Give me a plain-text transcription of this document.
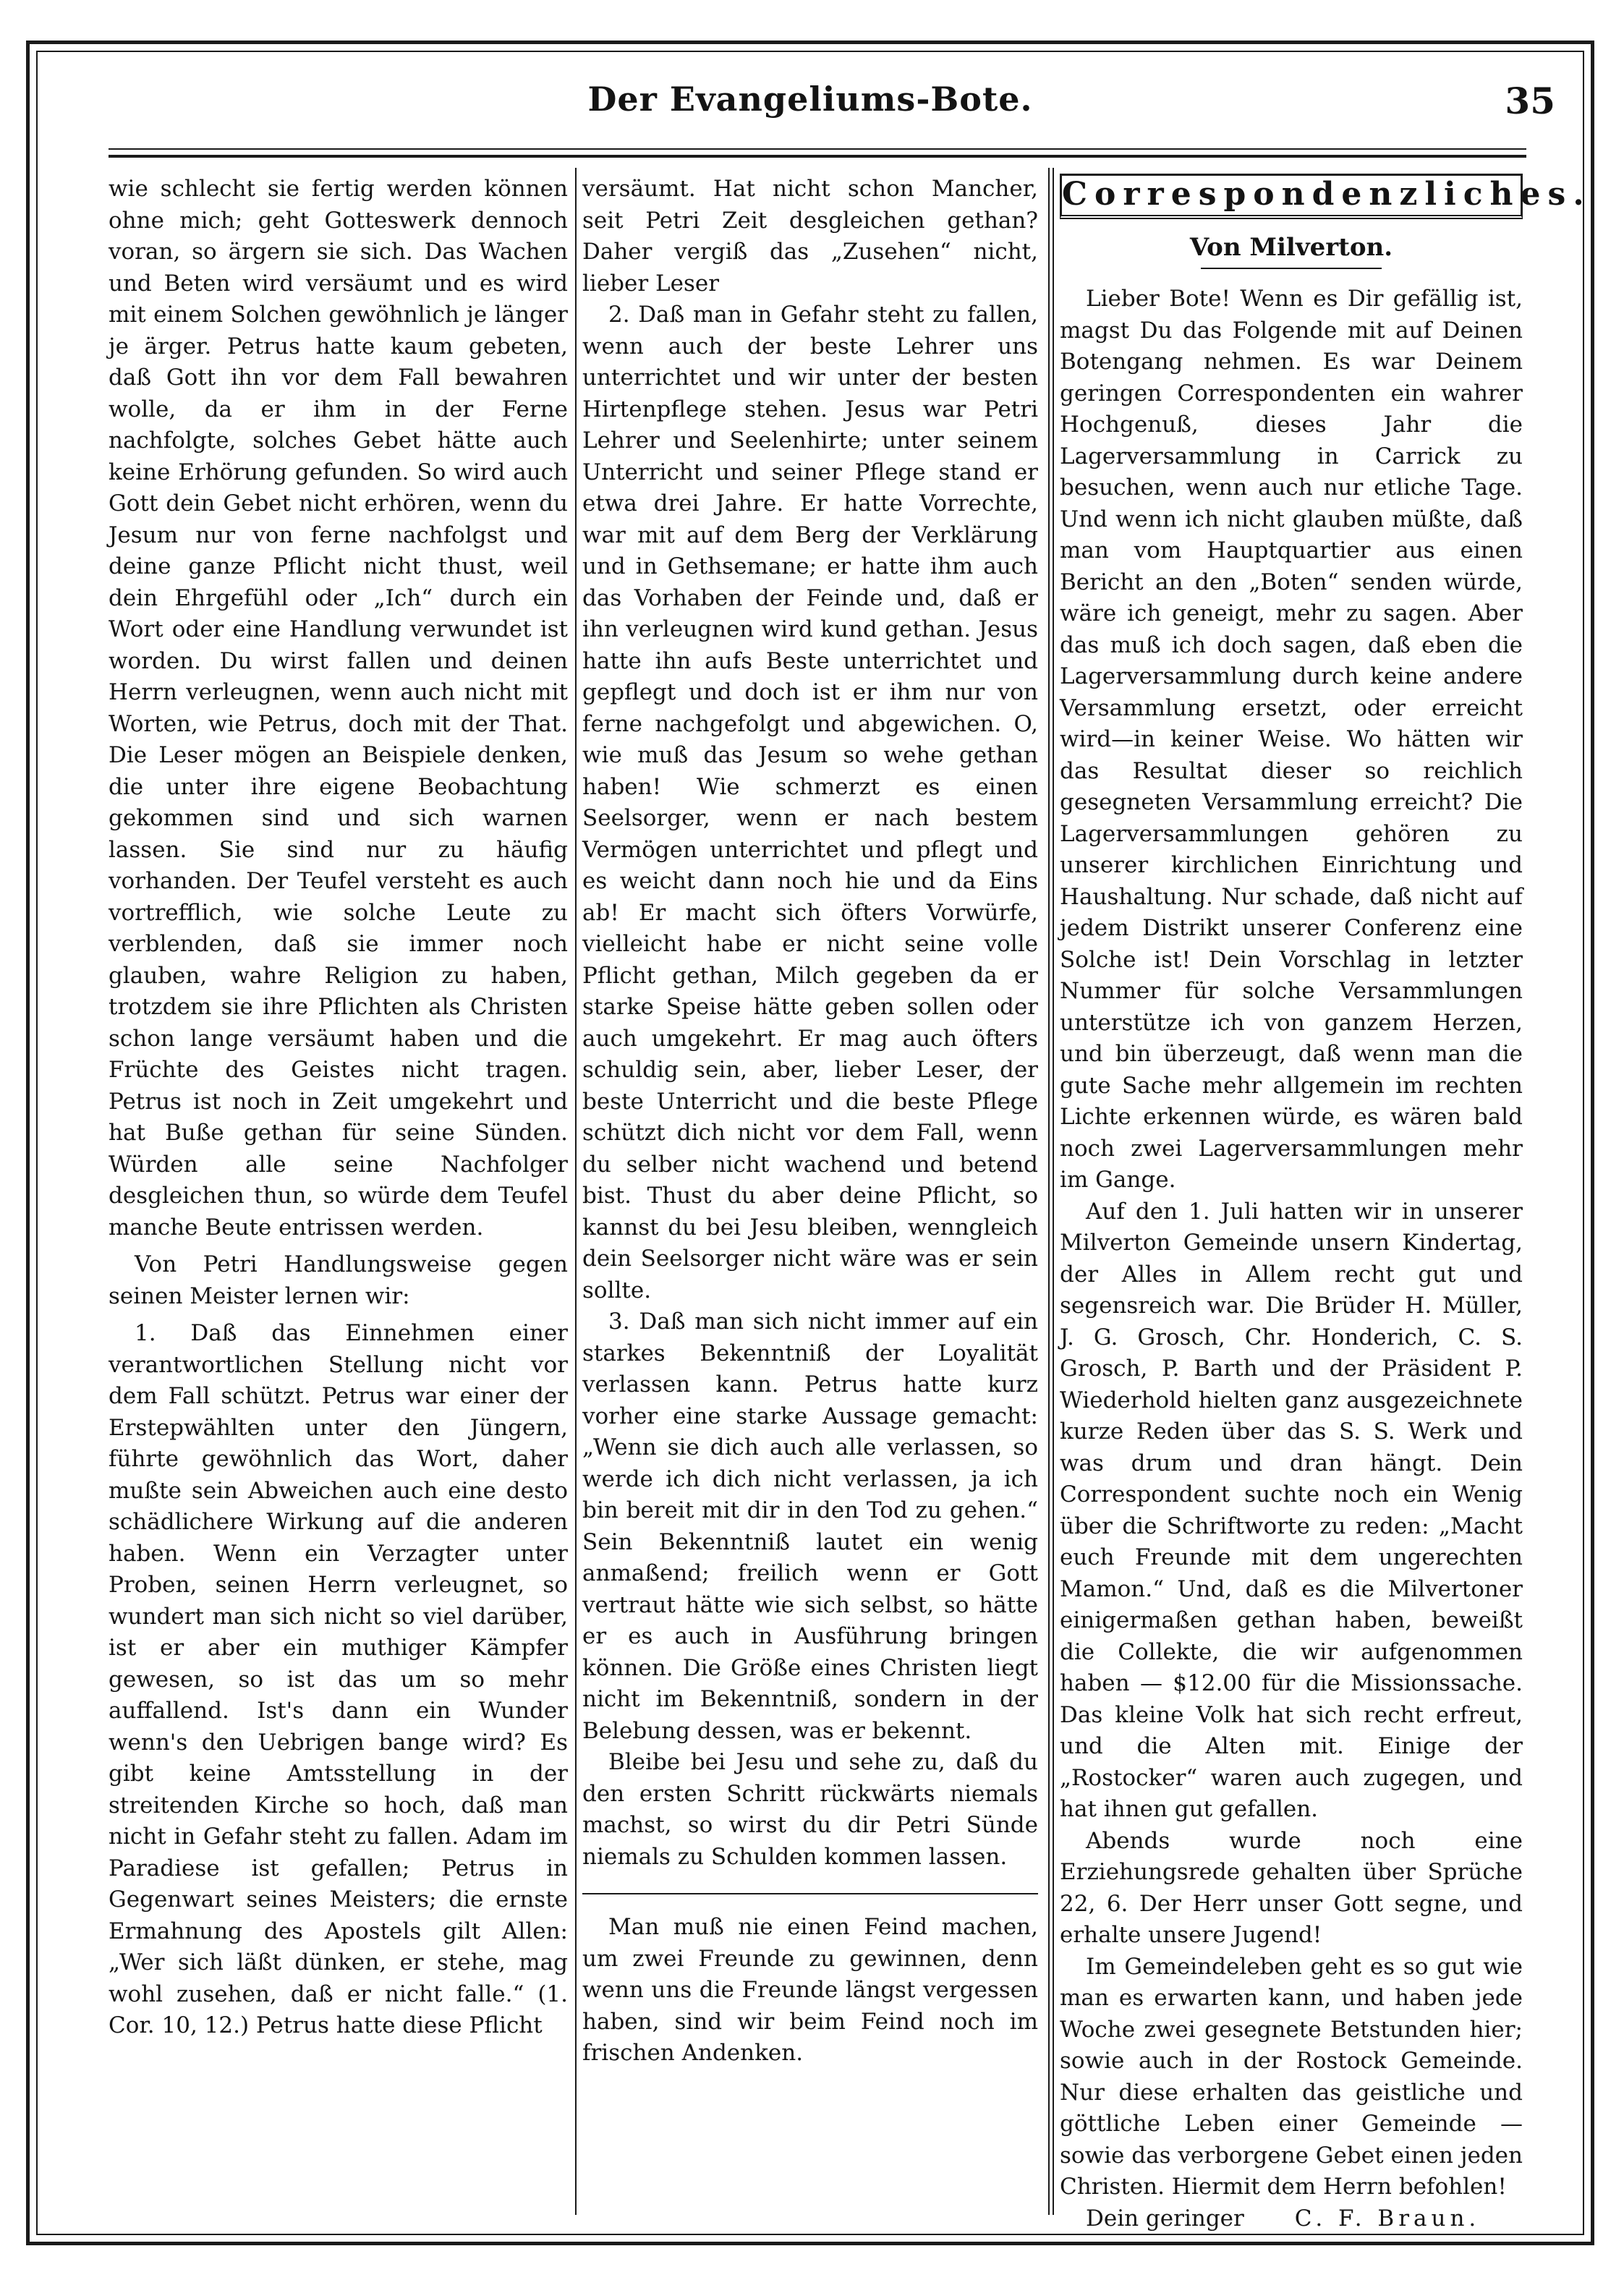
Der Evangeliums-Bote.	35

wie schlecht sie fertig werden können ohne mich; geht Gotteswerk dennoch voran, so ärgern sie sich. Das Wachen und Beten wird versäumt und es wird mit einem Solchen gewöhnlich je länger je ärger. Petrus hatte kaum gebeten, daß Gott ihn vor dem Fall bewahren wolle, da er ihm in der Ferne nachfolgte, solches Gebet hätte auch keine Erhörung gefunden. So wird auch Gott dein Gebet nicht erhören, wenn du Jesum nur von ferne nachfolgst und deine ganze Pflicht nicht thust, weil dein Ehrgefühl oder „Ich“ durch ein Wort oder eine Handlung verwundet ist worden. Du wirst fallen und deinen Herrn verleugnen, wenn auch nicht mit Worten, wie Petrus, doch mit der That. Die Leser mögen an Beispiele denken, die unter ihre eigene Beobachtung gekommen sind und sich warnen lassen. Sie sind nur zu häufig vorhanden. Der Teufel versteht es auch vortrefflich, wie solche Leute zu verblenden, daß sie immer noch glauben, wahre Religion zu haben, trotzdem sie ihre Pflichten als Christen schon lange versäumt haben und die Früchte des Geistes nicht tragen. Petrus ist noch in Zeit umgekehrt und hat Buße gethan für seine Sünden. Würden alle seine Nachfolger desgleichen thun, so würde dem Teufel manche Beute entrissen werden.

Von Petri Handlungsweise gegen seinen Meister lernen wir:

1. Daß das Einnehmen einer verantwortlichen Stellung nicht vor dem Fall schützt. Petrus war einer der Erstерwählten unter den Jüngern, führte gewöhnlich das Wort, daher mußte sein Abweichen auch eine desto schädlichere Wirkung auf die anderen haben. Wenn ein Verzagter unter Proben, seinen Herrn verleugnet, so wundert man sich nicht so viel darüber, ist er aber ein muthiger Kämpfer gewesen, so ist das um so mehr auffallend. Ist's dann ein Wunder wenn's den Uebrigen bange wird? Es gibt keine Amtsstellung in der streitenden Kirche so hoch, daß man nicht in Gefahr steht zu fallen. Adam im Paradiese ist gefallen; Petrus in Gegenwart seines Meisters; die ernste Ermahnung des Apostels gilt Allen: „Wer sich läßt dünken, er stehe, mag wohl zusehen, daß er nicht falle.“ (1. Cor. 10, 12.) Petrus hatte diese Pflicht

versäumt. Hat nicht schon Mancher, seit Petri Zeit desgleichen gethan? Daher vergiß das „Zusehen“ nicht, lieber Leser

2. Daß man in Gefahr steht zu fallen, wenn auch der beste Lehrer uns unterrichtet und wir unter der besten Hirtenpflege stehen. Jesus war Petri Lehrer und Seelenhirte; unter seinem Unterricht und seiner Pflege stand er etwa drei Jahre. Er hatte Vorrechte, war mit auf dem Berg der Verklärung und in Gethsemane; er hatte ihm auch das Vorhaben der Feinde und, daß er ihn verleugnen wird kund gethan. Jesus hatte ihn aufs Beste unterrichtet und gepflegt und doch ist er ihm nur von ferne nachgefolgt und abgewichen. O, wie muß das Jesum so wehe gethan haben! Wie schmerzt es einen Seelsorger, wenn er nach bestem Vermögen unterrichtet und pflegt und es weicht dann noch hie und da Eins ab! Er macht sich öfters Vorwürfe, vielleicht habe er nicht seine volle Pflicht gethan, Milch gegeben da er starke Speise hätte geben sollen oder auch umgekehrt. Er mag auch öfters schuldig sein, aber, lieber Leser, der beste Unterricht und die beste Pflege schützt dich nicht vor dem Fall, wenn du selber nicht wachend und betend bist. Thust du aber deine Pflicht, so kannst du bei Jesu bleiben, wenngleich dein Seelsorger nicht wäre was er sein sollte.

3. Daß man sich nicht immer auf ein starkes Bekenntniß der Loyalität verlassen kann. Petrus hatte kurz vorher eine starke Aussage gemacht: „Wenn sie dich auch alle verlassen, so werde ich dich nicht verlassen, ja ich bin bereit mit dir in den Tod zu gehen.“ Sein Bekenntniß lautet ein wenig anmaßend; freilich wenn er Gott vertraut hätte wie sich selbst, so hätte er es auch in Ausführung bringen können. Die Größe eines Christen liegt nicht im Bekenntniß, sondern in der Belebung dessen, was er bekennt.

Bleibe bei Jesu und sehe zu, daß du den ersten Schritt rückwärts niemals machst, so wirst du dir Petri Sünde niemals zu Schulden kommen lassen.

Man muß nie einen Feind machen, um zwei Freunde zu gewinnen, denn wenn uns die Freunde längst vergessen haben, sind wir beim Feind noch im frischen Andenken.

Correspondenzliches.
Von Milverton.

Lieber Bote! Wenn es Dir gefällig ist, magst Du das Folgende mit auf Deinen Botengang nehmen. Es war Deinem geringen Correspondenten ein wahrer Hochgenuß, dieses Jahr die Lagerversammlung in Carrick zu besuchen, wenn auch nur etliche Tage. Und wenn ich nicht glauben müßte, daß man vom Hauptquartier aus einen Bericht an den „Boten“ senden würde, wäre ich geneigt, mehr zu sagen. Aber das muß ich doch sagen, daß eben die Lagerversammlung durch keine andere Versammlung ersetzt, oder erreicht wird—in keiner Weise. Wo hätten wir das Resultat dieser so reichlich gesegneten Versammlung erreicht? Die Lagerversammlungen gehören zu unserer kirchlichen Einrichtung und Haushaltung. Nur schade, daß nicht auf jedem Distrikt unserer Conferenz eine Solche ist! Dein Vorschlag in letzter Nummer für solche Versammlungen unterstütze ich von ganzem Herzen, und bin überzeugt, daß wenn man die gute Sache mehr allgemein im rechten Lichte erkennen würde, es wären bald noch zwei Lagerversammlungen mehr im Gange.

Auf den 1. Juli hatten wir in unserer Milverton Gemeinde unsern Kindertag, der Alles in Allem recht gut und segensreich war. Die Brüder H. Müller, J. G. Grosch, Chr. Honderich, C. S. Grosch, P. Barth und der Präsident P. Wiederhold hielten ganz ausgezeichnete kurze Reden über das S. S. Werk und was drum und dran hängt. Dein Correspondent suchte noch ein Wenig über die Schriftworte zu reden: „Macht euch Freunde mit dem ungerechten Mamon.“ Und, daß es die Milvertoner einigermaßen gethan haben, beweißt die Collekte, die wir aufgenommen haben — $12.00 für die Missionssache. Das kleine Volk hat sich recht erfreut, und die Alten mit. Einige der „Rostocker“ waren auch zugegen, und hat ihnen gut gefallen.

Abends wurde noch eine Erziehungsrede gehalten über Sprüche 22, 6. Der Herr unser Gott segne, und erhalte unsere Jugend!

Im Gemeindeleben geht es so gut wie man es erwarten kann, und haben jede Woche zwei gesegnete Betstunden hier; sowie auch in der Rostock Gemeinde. Nur diese erhalten das geistliche und göttliche Leben einer Gemeinde — sowie das verborgene Gebet einen jeden Christen. Hiermit dem Herrn befohlen!

Dein geringer C. F. Braun.
